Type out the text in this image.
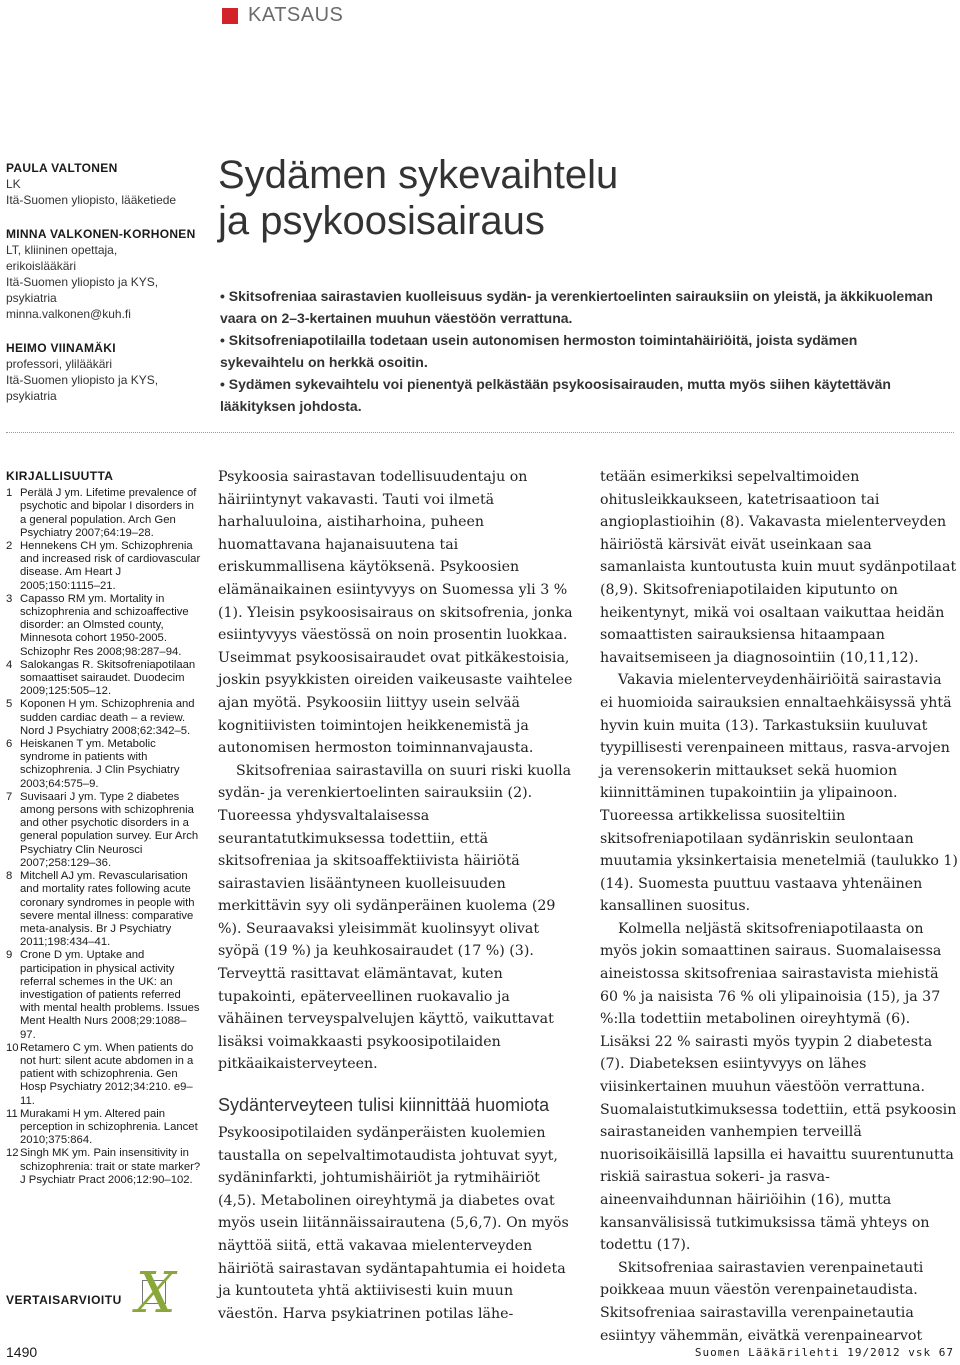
KATSAUS
PAULA VALTONEN
LK
Itä-Suomen yliopisto, lääketiede
MINNA VALKONEN-KORHONEN
LT, kliininen opettaja,
erikoislääkäri
Itä-Suomen yliopisto ja KYS,
psykiatria
minna.valkonen@kuh.fi
HEIMO VIINAMÄKI
professori, ylilääkäri
Itä-Suomen yliopisto ja KYS,
psykiatria
Sydämen sykevaihtelu
ja psykoosisairaus
• Skitsofreniaa sairastavien kuolleisuus sydän- ja verenkiertoelinten sairauksiin on yleistä, ja äkkikuoleman vaara on 2–3-kertainen muuhun väestöön verrattuna.
• Skitsofreniapotilailla todetaan usein autonomisen hermoston toimintahäiriöitä, joista sydämen sykevaihtelu on herkkä osoitin.
• Sydämen sykevaihtelu voi pienentyä pelkästään psykoosisairauden, mutta myös siihen käytettävän lääkityksen johdosta.
KIRJALLISUUTTA
1 Perälä J ym. Lifetime prevalence of psychotic and bipolar I disorders in a general population. Arch Gen Psychiatry 2007;64:19–28.
2 Hennekens CH ym. Schizophrenia and increased risk of cardiovascular disease. Am Heart J 2005;150:1115–21.
3 Capasso RM ym. Mortality in schizophrenia and schizoaffective disorder: an Olmsted county, Minnesota cohort 1950-2005. Schizophr Res 2008;98:287–94.
4 Salokangas R. Skitsofreniapotilaan somaattiset sairaudet. Duodecim 2009;125:505–12.
5 Koponen H ym. Schizophrenia and sudden cardiac death – a review. Nord J Psychiatry 2008;62:342–5.
6 Heiskanen T ym. Metabolic syndrome in patients with schizophrenia. J Clin Psychiatry 2003;64:575–9.
7 Suvisaari J ym. Type 2 diabetes among persons with schizophrenia and other psychotic disorders in a general population survey. Eur Arch Psychiatry Clin Neurosci 2007;258:129–36.
8 Mitchell AJ ym. Revascularisation and mortality rates following acute coronary syndromes in people with severe mental illness: comparative meta-analysis. Br J Psychiatry 2011;198:434–41.
9 Crone D ym. Uptake and participation in physical activity referral schemes in the UK: an investigation of patients referred with mental health problems. Issues Ment Health Nurs 2008;29:1088–97.
10 Retamero C ym. When patients do not hurt: silent acute abdomen in a patient with schizophrenia. Gen Hosp Psychiatry 2012;34:210. e9–11.
11 Murakami H ym. Altered pain perception in schizophrenia. Lancet 2010;375:864.
12 Singh MK ym. Pain insensitivity in schizophrenia: trait or state marker? J Psychiatr Pract 2006;12:90–102.
VERTAISARVIOITU X

Psykoosia sairastavan todellisuudentaju on häiriintynyt vakavasti. Tauti voi ilmetä harhaluuloina, aistiharhoina, puheen huomattavana hajanaisuutena tai eriskummallisena käytöksenä. Psykoosien elämänaikainen esiintyvyys on Suomessa yli 3 % (1). Yleisin psykoosisairaus on skitsofrenia, jonka esiintyvyys väestössä on noin prosentin luokkaa. Useimmat psykoosisairaudet ovat pitkäkestoisia, joskin psyykkisten oireiden vaikeusaste vaihtelee ajan myötä. Psykoosiin liittyy usein selvää kognitiivisten toimintojen heikkenemistä ja autonomisen hermoston toiminnanvajausta.

Skitsofreniaa sairastavilla on suuri riski kuolla sydän- ja verenkiertoelinten sairauksiin (2). Tuoreessa yhdysvaltalaisessa seurantatutkimuksessa todettiin, että skitsofreniaa ja skitsoaffektiivista häiriötä sairastavien lisääntyneen kuolleisuuden merkittävin syy oli sydänperäinen kuolema (29 %). Seuraavaksi yleisimmät kuolinsyyt olivat syöpä (19 %) ja keuhkosairaudet (17 %) (3). Terveyttä rasittavat elämäntavat, kuten tupakointi, epäterveellinen ruokavalio ja vähäinen terveyspalvelujen käyttö, vaikuttavat lisäksi voimakkaasti psykoosipotilaiden pitkäaikaisterveyteen.

Sydänterveyteen tulisi kiinnittää huomiota

Psykoosipotilaiden sydänperäisten kuolemien taustalla on sepelvaltimotaudista johtuvat syyt, sydäninfarkti, johtumishäiriöt ja rytmihäiriöt (4,5). Metabolinen oireyhtymä ja diabetes ovat myös usein liitännäissairautena (5,6,7). On myös näyttöä siitä, että vakavaa mielenterveyden häiriötä sairastavan sydäntapahtumia ei hoideta ja kuntouteta yhtä aktiivisesti kuin muun väestön. Harva psykiatrinen potilas lähe-

tetään esimerkiksi sepelvaltimoiden ohitusleikkaukseen, katetrisaatioon tai angioplastioihin (8). Vakavasta mielenterveyden häiriöstä kärsivät eivät useinkaan saa samanlaista kuntoutusta kuin muut sydänpotilaat (8,9). Skitsofreniapotilaiden kiputunto on heikentynyt, mikä voi osaltaan vaikuttaa heidän somaattisten sairauksiensa hitaampaan havaitsemiseen ja diagnosointiin (10,11,12).

Vakavia mielenterveydenhäiriöitä sairastavia ei huomioida sairauksien ennaltaehkäisyssä yhtä hyvin kuin muita (13). Tarkastuksiin kuuluvat tyypillisesti verenpaineen mittaus, rasva-arvojen ja verensokerin mittaukset sekä huomion kiinnittäminen tupakointiin ja ylipainoon. Tuoreessa artikkelissa suositeltiin skitsofreniapotilaan sydänriskin seulontaan muutamia yksinkertaisia menetelmiä (taulukko 1) (14). Suomesta puuttuu vastaava yhtenäinen kansallinen suositus.

Kolmella neljästä skitsofreniapotilaasta on myös jokin somaattinen sairaus. Suomalaisessa aineistossa skitsofreniaa sairastavista miehistä 60 % ja naisista 76 % oli ylipainoisia (15), ja 37 %:lla todettiin metabolinen oireyhtymä (6). Lisäksi 22 % sairasti myös tyypin 2 diabetesta (7). Diabeteksen esiintyvyys on lähes viisinkertainen muuhun väestöön verrattuna. Suomalaistutkimuksessa todettiin, että psykoosin sairastaneiden vanhempien terveillä nuorisoikäisillä lapsilla ei havaittu suurentunutta riskiä sairastua sokeri- ja rasva-aineenvaihdunnan häiriöihin (16), mutta kansanvälisissä tutkimuksissa tämä yhteys on todettu (17).

Skitsofreniaa sairastavien verenpainetauti poikkeaa muun väestön verenpainetaudista. Skitsofreniaa sairastavilla verenpainetautia esiintyy vähemmän, eivätkä verenpainearvot

1490	Suomen Lääkärilehti 19/2012 vsk 67
